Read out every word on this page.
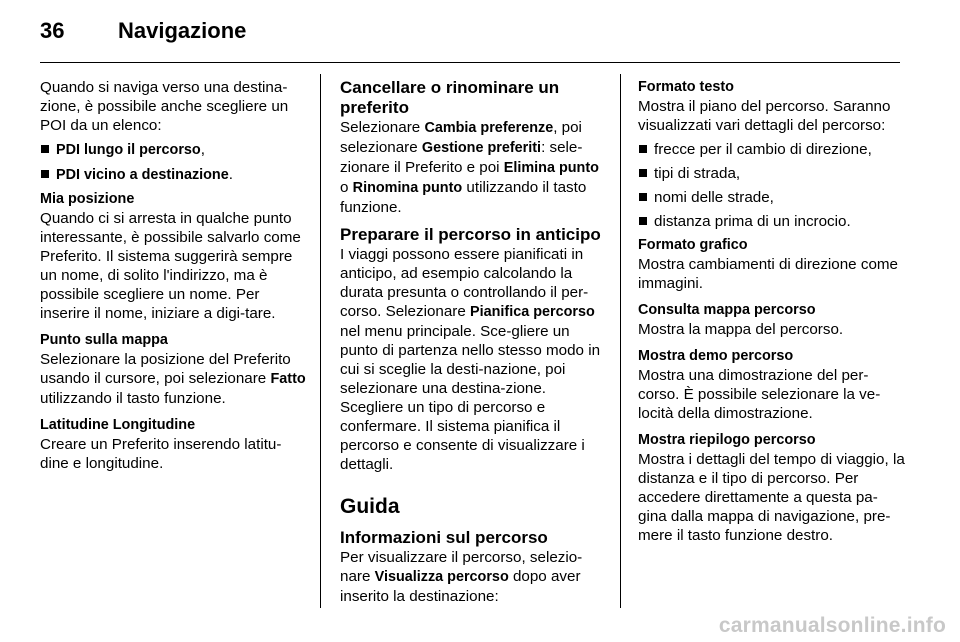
36 Navigazione

Quando si naviga verso una destina-zione, è possibile anche scegliere un POI da un elenco:

PDI lungo il percorso,
PDI vicino a destinazione.

Mia posizione

Quando ci si arresta in qualche punto interessante, è possibile salvarlo come Preferito. Il sistema suggerirà sempre un nome, di solito l'indirizzo, ma è possibile scegliere un nome. Per inserire il nome, iniziare a digi-tare.

Punto sulla mappa

Selezionare la posizione del Preferito usando il cursore, poi selezionare Fatto utilizzando il tasto funzione.

Latitudine Longitudine

Creare un Preferito inserendo latitu-dine e longitudine.

Cancellare o rinominare un preferito

Selezionare Cambia preferenze, poi selezionare Gestione preferiti: sele-zionare il Preferito e poi Elimina punto o Rinomina punto utilizzando il tasto funzione.

Preparare il percorso in anticipo

I viaggi possono essere pianificati in anticipo, ad esempio calcolando la durata presunta o controllando il per-corso. Selezionare Pianifica percorso nel menu principale. Sce-gliere un punto di partenza nello stesso modo in cui si sceglie la desti-nazione, poi selezionare una destina-zione. Scegliere un tipo di percorso e confermare. Il sistema pianifica il percorso e consente di visualizzare i dettagli.

Guida

Informazioni sul percorso

Per visualizzare il percorso, selezio-nare Visualizza percorso dopo aver inserito la destinazione:

Formato testo

Mostra il piano del percorso. Saranno visualizzati vari dettagli del percorso:

frecce per il cambio di direzione,
tipi di strada,
nomi delle strade,
distanza prima di un incrocio.

Formato grafico

Mostra cambiamenti di direzione come immagini.

Consulta mappa percorso

Mostra la mappa del percorso.

Mostra demo percorso

Mostra una dimostrazione del per-corso. È possibile selezionare la ve-locità della dimostrazione.

Mostra riepilogo percorso

Mostra i dettagli del tempo di viaggio, la distanza e il tipo di percorso. Per accedere direttamente a questa pa-gina dalla mappa di navigazione, pre-mere il tasto funzione destro.

carmanualsonline.info
